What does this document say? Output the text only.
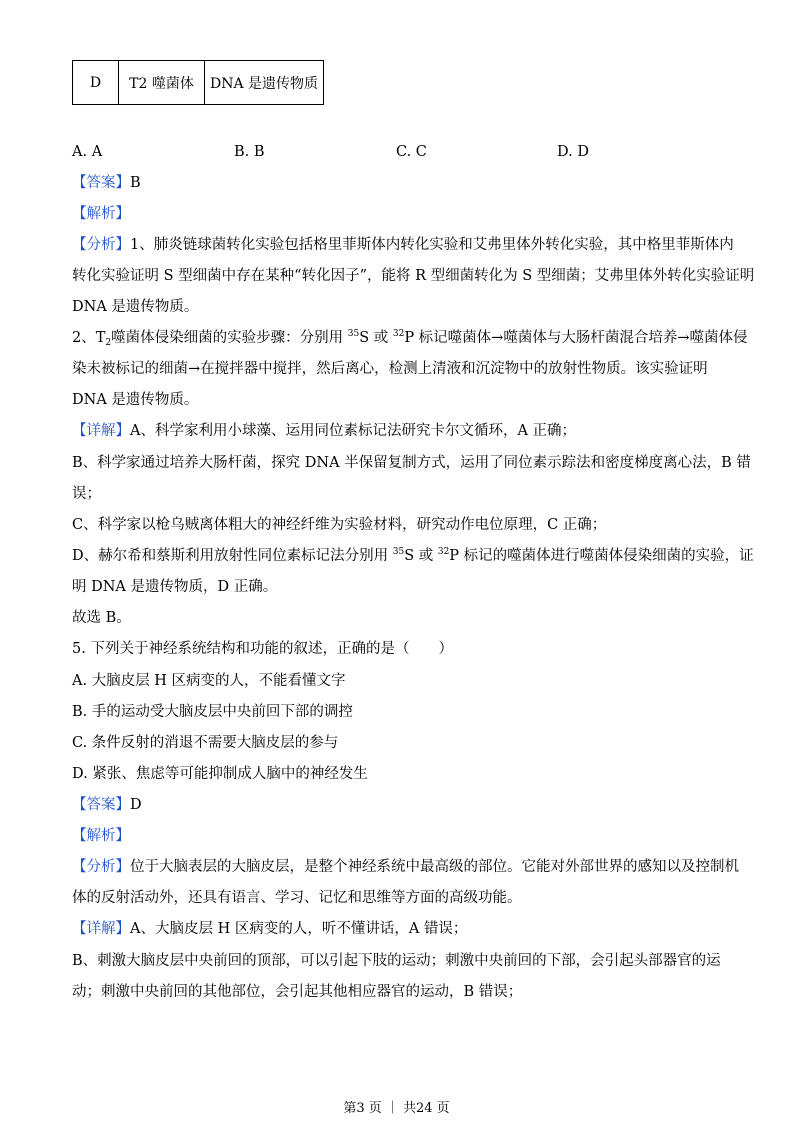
D	T2 噬菌体	DNA 是遗传物质
A. A	B. B	C. C	D. D
【答案】B
【解析】
【分析】1、肺炎链球菌转化实验包括格里菲斯体内转化实验和艾弗里体外转化实验，其中格里菲斯体内
转化实验证明 S 型细菌中存在某种“转化因子”，能将 R 型细菌转化为 S 型细菌；艾弗里体外转化实验证明
DNA 是遗传物质。
2、$T_2$噬菌体侵染细菌的实验步骤：分别用 $^{35}$S 或 $^{32}$P 标记噬菌体→噬菌体与大肠杆菌混合培养→噬菌体侵
染未被标记的细菌→在搅拌器中搅拌，然后离心，检测上清液和沉淀物中的放射性物质。该实验证明
DNA 是遗传物质。
【详解】A、科学家利用小球藻、运用同位素标记法研究卡尔文循环，A 正确；
B、科学家通过培养大肠杆菌，探究 DNA 半保留复制方式，运用了同位素示踪法和密度梯度离心法，B 错
误；
C、科学家以枪乌贼离体粗大的神经纤维为实验材料，研究动作电位原理，C 正确；
D、赫尔希和蔡斯利用放射性同位素标记法分别用 $^{35}$S 或 $^{32}$P 标记的噬菌体进行噬菌体侵染细菌的实验，证
明 DNA 是遗传物质，D 正确。
故选 B。
5. 下列关于神经系统结构和功能的叙述，正确的是（　　）
A. 大脑皮层 H 区病变的人，不能看懂文字
B. 手的运动受大脑皮层中央前回下部的调控
C. 条件反射的消退不需要大脑皮层的参与
D. 紧张、焦虑等可能抑制成人脑中的神经发生
【答案】D
【解析】
【分析】位于大脑表层的大脑皮层，是整个神经系统中最高级的部位。它能对外部世界的感知以及控制机
体的反射活动外，还具有语言、学习、记忆和思维等方面的高级功能。
【详解】A、大脑皮层 H 区病变的人，听不懂讲话，A 错误；
B、刺激大脑皮层中央前回的顶部，可以引起下肢的运动；刺激中央前回的下部，会引起头部器官的运
动；刺激中央前回的其他部位，会引起其他相应器官的运动，B 错误；
第3 页 ｜ 共24 页
